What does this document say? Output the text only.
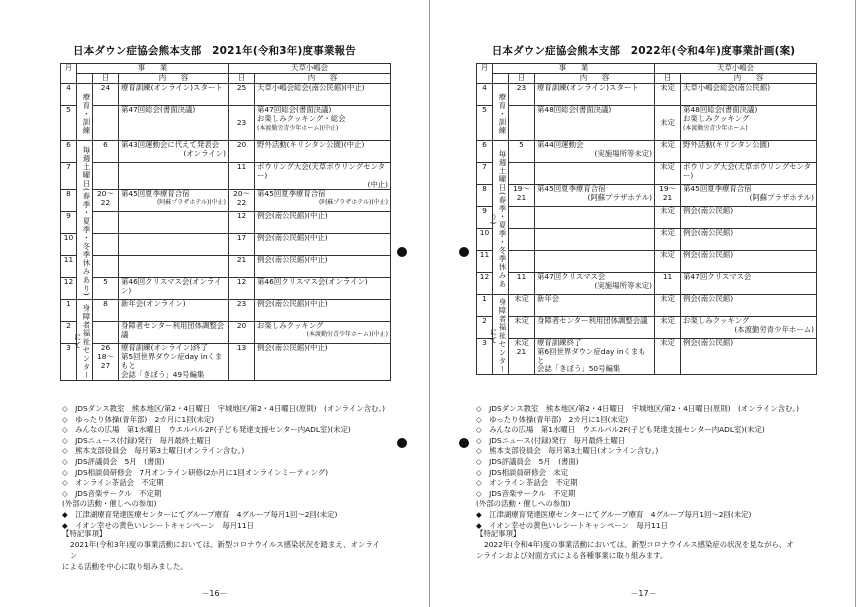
日本ダウン症協会熊本支部　2021年(令和3年)度事業報告
月	事　　業			天草小嶋会	
		日	内　　容	日	内　　容
4	療育・訓練	24	療育訓練(オンライン)スタート	25	天草小嶋会総会(南公民館)(中止)
5			第47回総会(書面決議)	23	第47回総会(書面決議)
お楽しみクッキング・総会
(本渡勤労青少年ホーム)(中止)
6	毎週土曜日(春季・夏季・冬季休みあり)	6	第43回運動会に代えて発表会
(オンライン)	20	野外活動(キリシタン公園)(中止)
7				11	ボウリング大会(天草ボウリングセンター)
(中止)

8		20～22	第45回夏季療育合宿
(阿蘇プラザホテル)(中止)	20～22	第45回夏季療育合宿
(阿蘇プラザホテル)(中止)

9				12	例会(南公民館)(中止)
10				17	例会(南公民館)(中止)
11				21	例会(南公民館)(中止)
12		5	第46回クリスマス会(オンライン)	12	第46回クリスマス会(オンライン)
1	身障者福祉センターにて	8	新年会(オンライン)	23	例会(南公民館)(中止)
2			身障者センター利用団体調整会議	20	お楽しみクッキング
(本渡勤労青少年ホーム)(中止)

3		26
18～27	療育訓練(オンライン)終了
第5回世界ダウン症day inくまもと
会誌「きぼう」49号編集	13	例会(南公民館)(中止)
◇　JDSダンス教室　熊本地区/第2・4日曜日　宇城地区/第2・4日曜日(原則)　(オンライン含む。)
◇　ゆったり体操(青年部)　2カ月に1回(未定)
◇　みんなの広場　第1水曜日　ウエルパル2F(子ども発達支援センター内ADL室)(未定)
◇　JDSニュース(付録)発行　毎月最終土曜日
◇　熊本支部役員会　毎月第3土曜日(オンライン含む。)
◇　JDS評議員会　5月　(書面)
◇　JDS相談員研修会　7月オンライン研修(2か月に1回オンラインミーティング)
◇　オンライン茶話会　不定期
◇　JDS音楽サークル　不定期
(外部の活動・催しへの参加)
◆　江津湖療育発達医療センターにてグループ療育　4グループ毎月1回～2回(未定)
◆　イオン幸せの黄色いレシートキャンペーン　毎月11日
【特記事項】
2021年(令和3年)度の事業活動においては、新型コロナウイルス感染状況を踏まえ、オンライン
による活動を中心に取り組みました。
－16－
日本ダウン症協会熊本支部　2022年(令和4年)度事業計画(案)
月	事　　業			天草小嶋会	
		日	内　　容	日	内　　容
4	療育・訓練	23	療育訓練(オンライン)スタート	未定	天草小嶋会総会(南公民館)
5			第48回総会(書面決議)	未定	第48回総会(書面決議)
お楽しみクッキング
(本渡勤労青少年ホーム)
6	毎週土曜日(春季・夏季・冬季休みあり)	5	第44回運動会
(実施場所等未定)	未定	野外活動(キリシタン公園)
7				未定	ボウリング大会(天草ボウリングセンター)
8		19～21	第45回夏季療育合宿
(阿蘇プラザホテル)	19～21	第45回夏季療育合宿
(阿蘇プラザホテル)

9				未定	例会(南公民館)
10				未定	例会(南公民館)
11				未定	例会(南公民館)
12		11	第47回クリスマス会
(実施場所等未定)	11	第47回クリスマス会
1	身障者福祉センターにて	未定	新年会	未定	例会(南公民館)
2		未定	身障者センター利用団体調整会議	未定	お楽しみクッキング
(本渡勤労青少年ホーム)

3		未定
21	療育訓練終了
第6回世界ダウン症day inくまもと
会誌「きぼう」50号編集	未定	例会(南公民館)
◇　JDSダンス教室　熊本地区/第2・4日曜日　宇城地区/第2・4日曜日(原則)　(オンライン含む。)
◇　ゆったり体操(青年部)　2カ月に1回(未定)
◇　みんなの広場　第1水曜日　ウエルパル2F(子ども発達支援センター内ADL室)(未定)
◇　JDSニュース(付録)発行　毎月最終土曜日
◇　熊本支部役員会　毎月第3土曜日(オンライン含む。)
◇　JDS評議員会　5月　(書面)
◇　JDS相談員研修会　未定
◇　オンライン茶話会　不定期
◇　JDS音楽サークル　不定期
(外部の活動・催しへの参加)
◆　江津湖療育発達医療センターにてグループ療育　4グループ毎月1回～2回(未定)
◆　イオン幸せの黄色いレシートキャンペーン　毎月11日
【特記事項】
2022年(令和4年)度の事業活動においては、新型コロナウイルス感染症の状況を見ながら、オ
ンラインおよび対面方式による各種事業に取り組みます。
－17－
